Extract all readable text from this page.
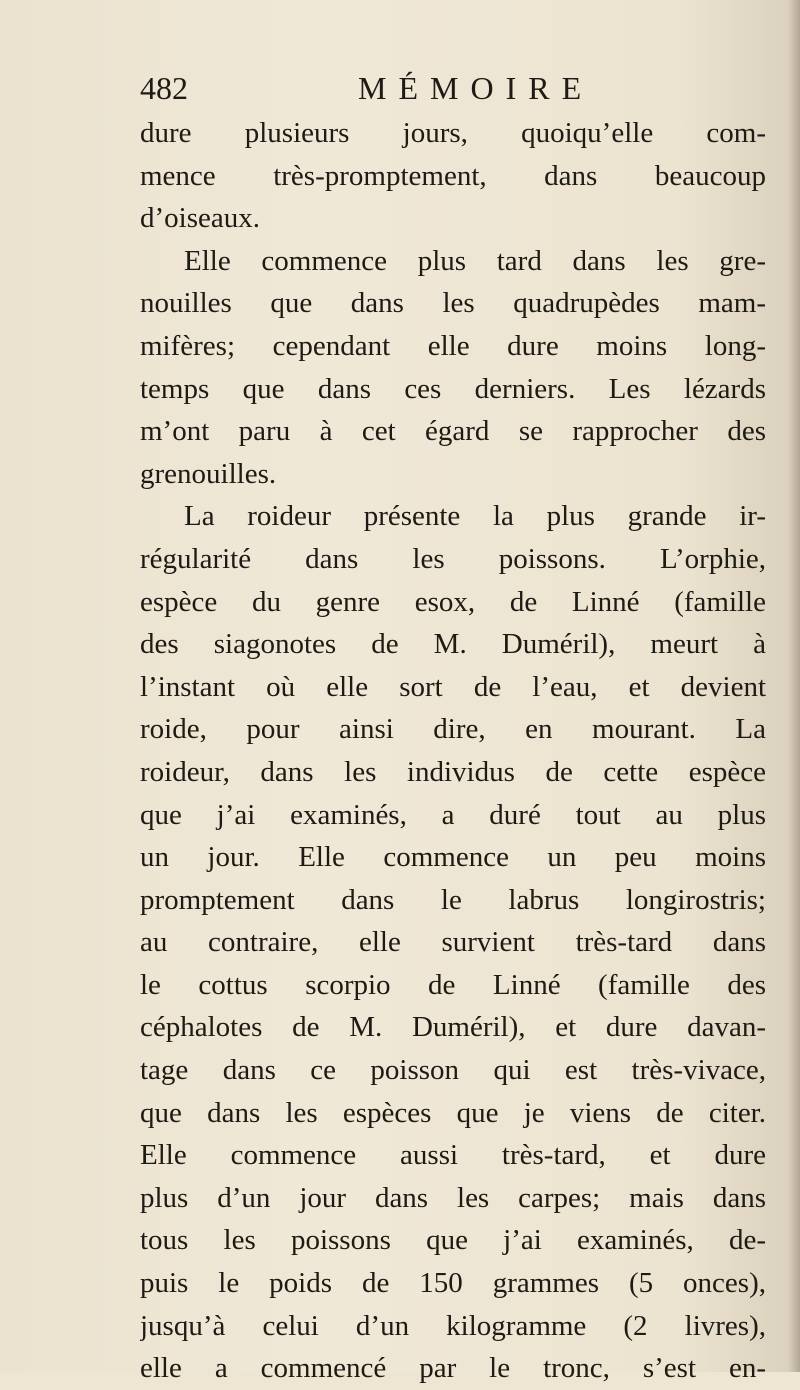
482	MÉMOIRE
dure plusieurs jours, quoiqu’elle com-
mence très-promptement, dans beaucoup
d’oiseaux.
Elle commence plus tard dans les gre-
nouilles que dans les quadrupèdes mam-
mifères; cependant elle dure moins long-
temps que dans ces derniers. Les lézards
m’ont paru à cet égard se rapprocher des
grenouilles.
La roideur présente la plus grande ir-
régularité dans les poissons. L’orphie,
espèce du genre esox, de Linné (famille
des siagonotes de M. Duméril), meurt à
l’instant où elle sort de l’eau, et devient
roide, pour ainsi dire, en mourant. La
roideur, dans les individus de cette espèce
que j’ai examinés, a duré tout au plus
un jour. Elle commence un peu moins
promptement dans le labrus longirostris;
au contraire, elle survient très-tard dans
le cottus scorpio de Linné (famille des
céphalotes de M. Duméril), et dure davan-
tage dans ce poisson qui est très-vivace,
que dans les espèces que je viens de citer.
Elle commence aussi très-tard, et dure
plus d’un jour dans les carpes; mais dans
tous les poissons que j’ai examinés, de-
puis le poids de 150 grammes (5 onces),
jusqu’à celui d’un kilogramme (2 livres),
elle a commencé par le tronc, s’est en-
